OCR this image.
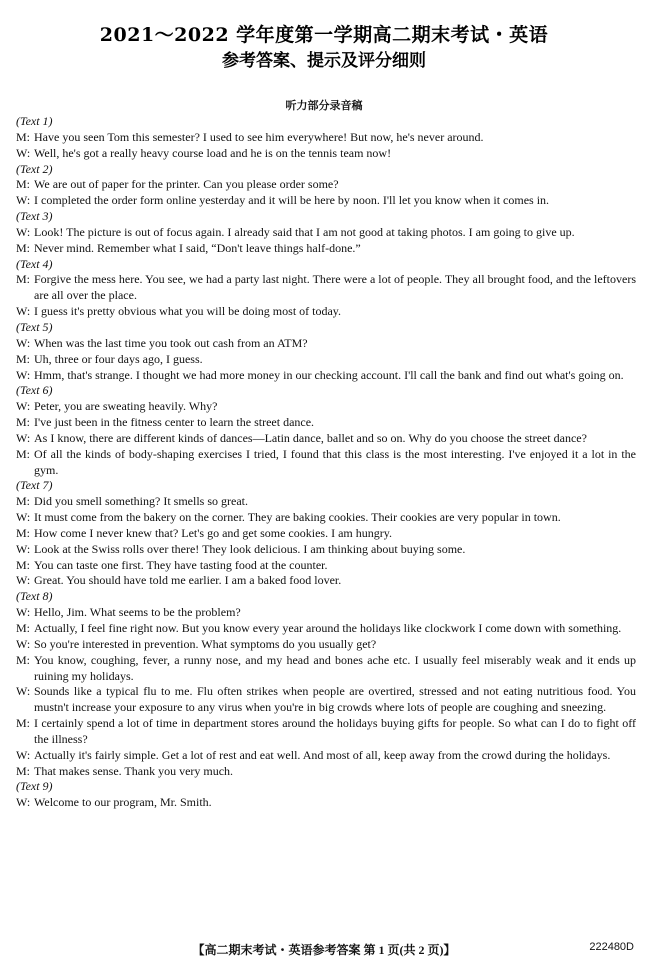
2021～2022 学年度第一学期高二期末考试・英语
参考答案、提示及评分细则
听力部分录音稿
(Text 1)
M: Have you seen Tom this semester? I used to see him everywhere! But now, he's never around.
W: Well, he's got a really heavy course load and he is on the tennis team now!
(Text 2)
M: We are out of paper for the printer. Can you please order some?
W: I completed the order form online yesterday and it will be here by noon. I'll let you know when it comes in.
(Text 3)
W: Look! The picture is out of focus again. I already said that I am not good at taking photos. I am going to give up.
M: Never mind. Remember what I said, “Don't leave things half-done.”
(Text 4)
M: Forgive the mess here. You see, we had a party last night. There were a lot of people. They all brought food, and the leftovers are all over the place.
W: I guess it's pretty obvious what you will be doing most of today.
(Text 5)
W: When was the last time you took out cash from an ATM?
M: Uh, three or four days ago, I guess.
W: Hmm, that's strange. I thought we had more money in our checking account. I'll call the bank and find out what's going on.
(Text 6)
W: Peter, you are sweating heavily. Why?
M: I've just been in the fitness center to learn the street dance.
W: As I know, there are different kinds of dances—Latin dance, ballet and so on. Why do you choose the street dance?
M: Of all the kinds of body-shaping exercises I tried, I found that this class is the most interesting. I've enjoyed it a lot in the gym.
(Text 7)
M: Did you smell something? It smells so great.
W: It must come from the bakery on the corner. They are baking cookies. Their cookies are very popular in town.
M: How come I never knew that? Let's go and get some cookies. I am hungry.
W: Look at the Swiss rolls over there! They look delicious. I am thinking about buying some.
M: You can taste one first. They have tasting food at the counter.
W: Great. You should have told me earlier. I am a baked food lover.
(Text 8)
W: Hello, Jim. What seems to be the problem?
M: Actually, I feel fine right now. But you know every year around the holidays like clockwork I come down with something.
W: So you're interested in prevention. What symptoms do you usually get?
M: You know, coughing, fever, a runny nose, and my head and bones ache etc. I usually feel miserably weak and it ends up ruining my holidays.
W: Sounds like a typical flu to me. Flu often strikes when people are overtired, stressed and not eating nutritious food. You mustn't increase your exposure to any virus when you're in big crowds where lots of people are coughing and sneezing.
M: I certainly spend a lot of time in department stores around the holidays buying gifts for people. So what can I do to fight off the illness?
W: Actually it's fairly simple. Get a lot of rest and eat well. And most of all, keep away from the crowd during the holidays.
M: That makes sense. Thank you very much.
(Text 9)
W: Welcome to our program, Mr. Smith.
【高二期末考试・英语参考答案 第 1 页(共 2 页)】	222480D
